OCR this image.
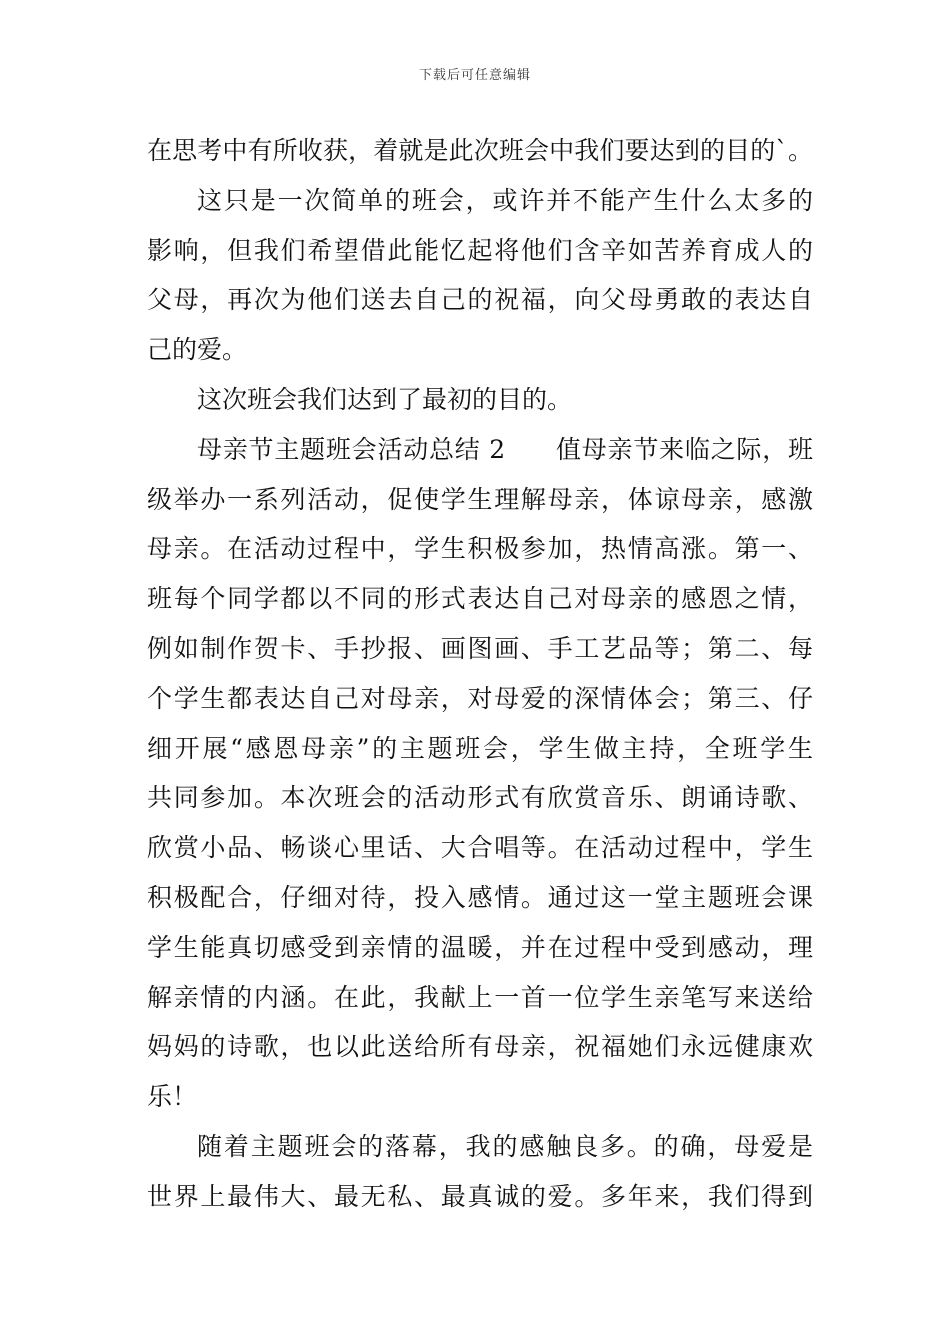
下载后可任意编辑
在思考中有所收获，着就是此次班会中我们要达到的目的`。
这只是一次简单的班会，或许并不能产生什么太多的
影响，但我们希望借此能忆起将他们含辛如苦养育成人的
父母，再次为他们送去自己的祝福，向父母勇敢的表达自
己的爱。
这次班会我们达到了最初的目的。
母亲节主题班会活动总结 2 值母亲节来临之际，班
级举办一系列活动，促使学生理解母亲，体谅母亲，感激
母亲。在活动过程中，学生积极参加，热情高涨。第一、
班每个同学都以不同的形式表达自己对母亲的感恩之情，
例如制作贺卡、手抄报、画图画、手工艺品等；第二、每
个学生都表达自己对母亲，对母爱的深情体会；第三、仔
细开展“感恩母亲”的主题班会，学生做主持，全班学生
共同参加。本次班会的活动形式有欣赏音乐、朗诵诗歌、
欣赏小品、畅谈心里话、大合唱等。在活动过程中，学生
积极配合，仔细对待，投入感情。通过这一堂主题班会课
学生能真切感受到亲情的温暖，并在过程中受到感动，理
解亲情的内涵。在此，我献上一首一位学生亲笔写来送给
妈妈的诗歌，也以此送给所有母亲，祝福她们永远健康欢
乐！
随着主题班会的落幕，我的感触良多。的确，母爱是
世界上最伟大、最无私、最真诚的爱。多年来，我们得到
